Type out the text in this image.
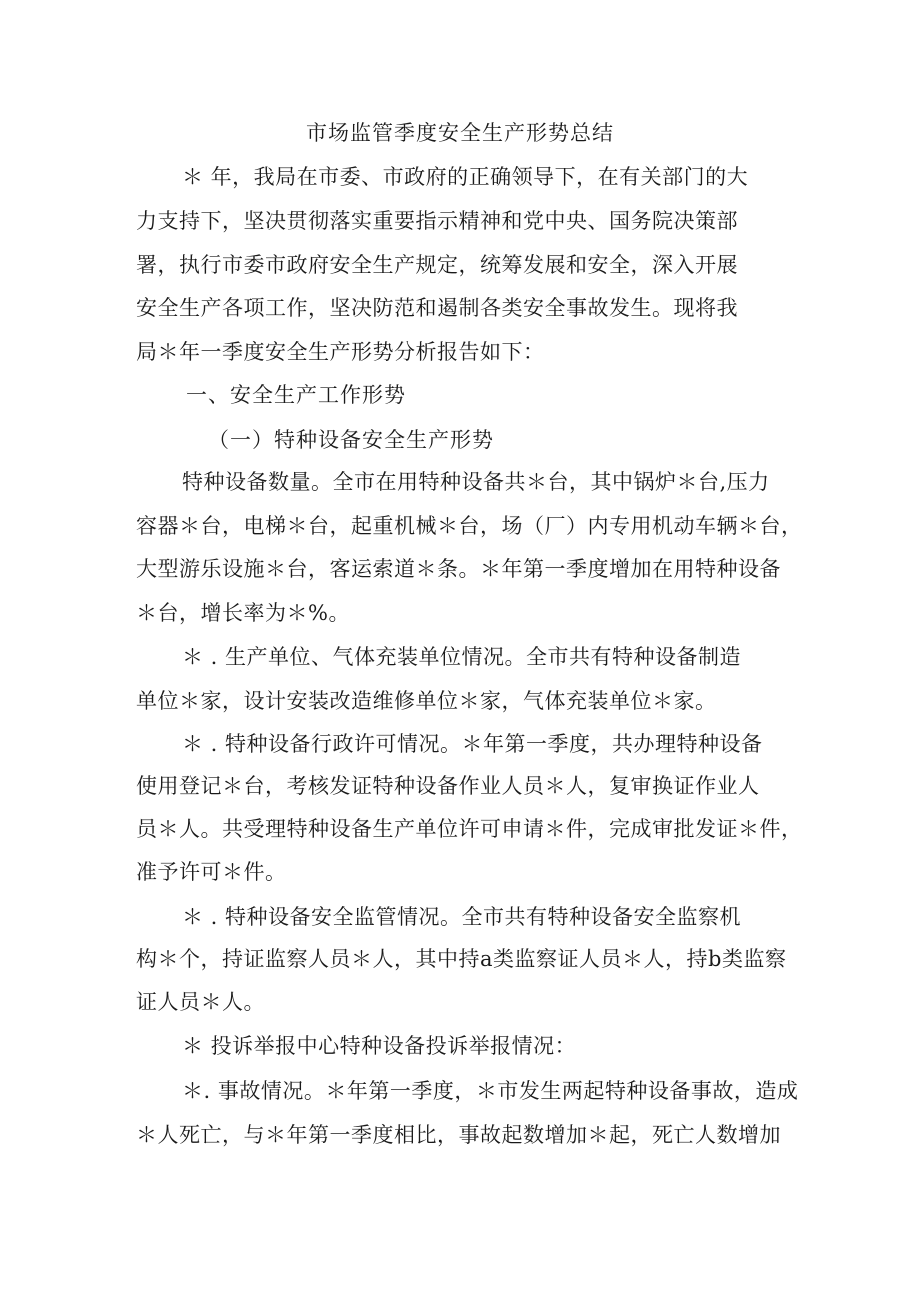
市场监管季度安全生产形势总结
＊ 年，我局在市委、市政府的正确领导下，在有关部门的大
力支持下，坚决贯彻落实重要指示精神和党中央、国务院决策部
署，执行市委市政府安全生产规定，统筹发展和安全，深入开展
安全生产各项工作，坚决防范和遏制各类安全事故发生。现将我
局＊年一季度安全生产形势分析报告如下：
一、安全生产工作形势
（一）特种设备安全生产形势
特种设备数量。全市在用特种设备共＊台，其中锅炉＊台,压力
容器＊台，电梯＊台，起重机械＊台，场（厂）内专用机动车辆＊台，
大型游乐设施＊台，客运索道＊条。＊年第一季度增加在用特种设备
＊台，增长率为＊%。
＊ . 生产单位、气体充装单位情况。全市共有特种设备制造
单位＊家，设计安装改造维修单位＊家，气体充装单位＊家。
＊ . 特种设备行政许可情况。＊年第一季度，共办理特种设备
使用登记＊台，考核发证特种设备作业人员＊人，复审换证作业人
员＊人。共受理特种设备生产单位许可申请＊件，完成审批发证＊件，
准予许可＊件。
＊ . 特种设备安全监管情况。全市共有特种设备安全监察机
构＊个，持证监察人员＊人，其中持a类监察证人员＊人，持b类监察
证人员＊人。
＊ 投诉举报中心特种设备投诉举报情况：
＊. 事故情况。＊年第一季度，＊市发生两起特种设备事故，造成
＊人死亡，与＊年第一季度相比，事故起数增加＊起，死亡人数增加
